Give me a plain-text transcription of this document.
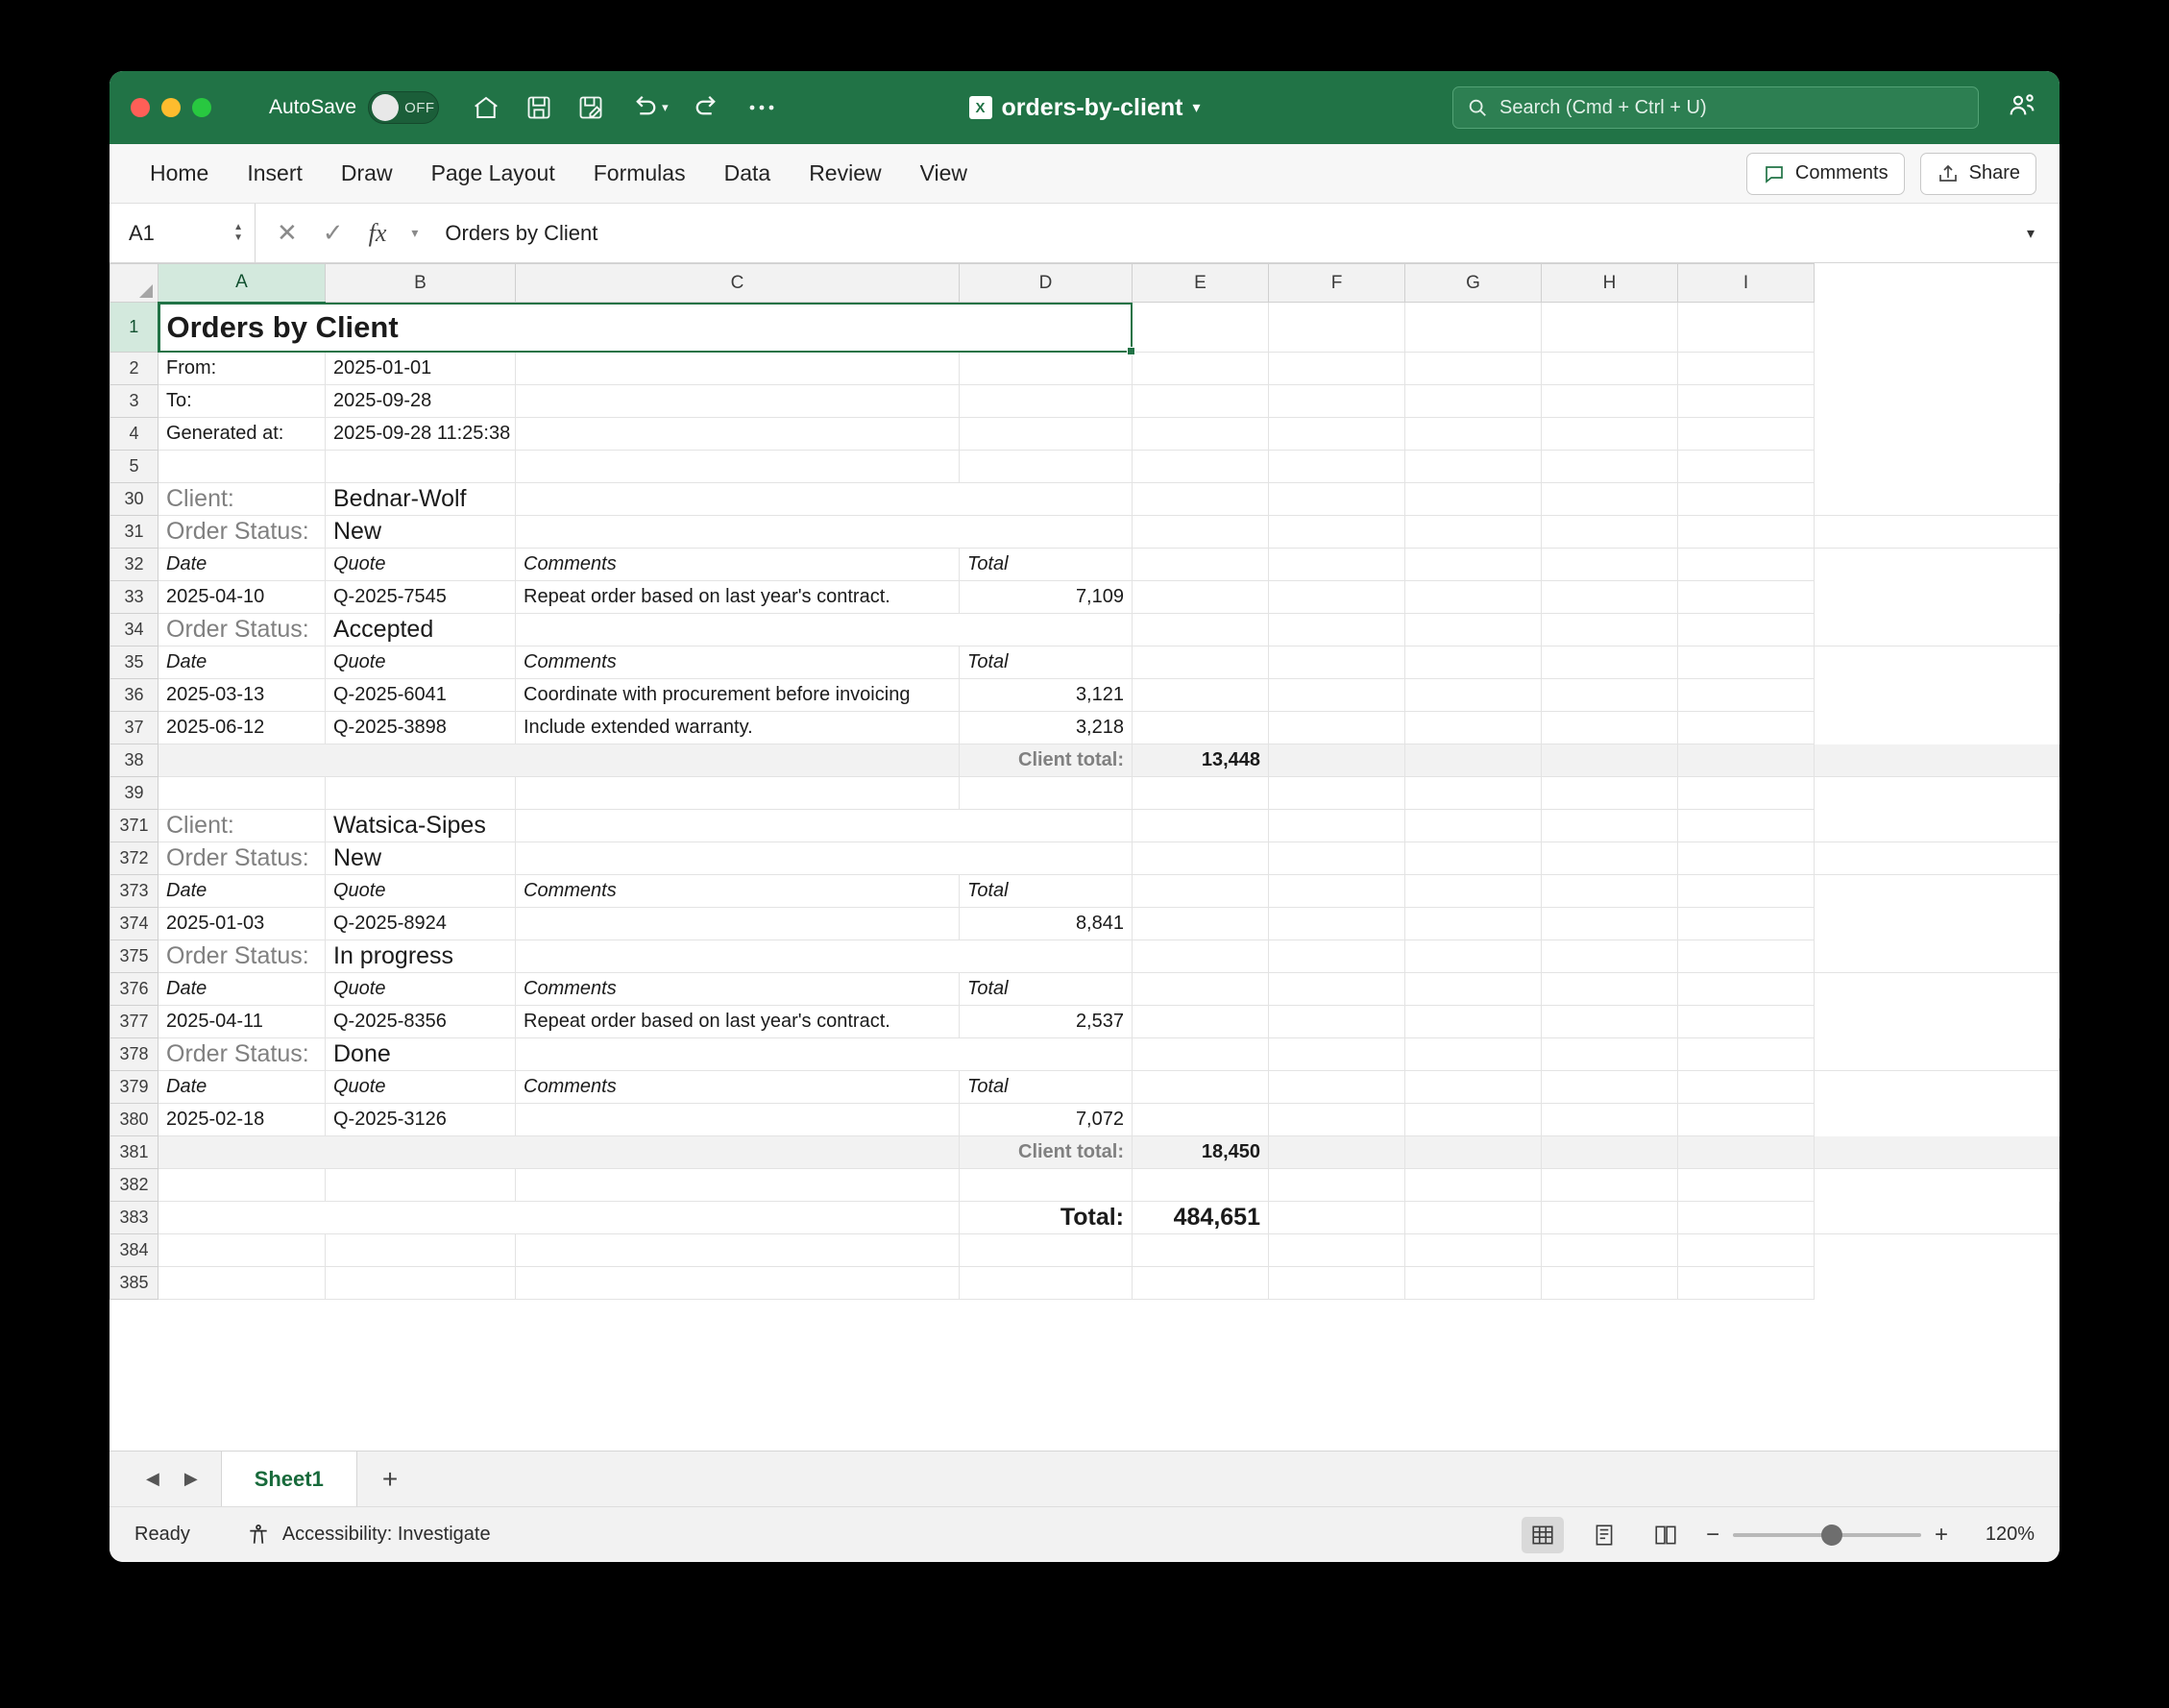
AutoSave	OFF	▾	X orders-by-client ▾	Search (Cmd + Ctrl + U)
Home	Insert	Draw	Page Layout	Formulas	Data	Review	View	Comments	Share
A1	▲
▼ ✕ ✓ fx ▾ Orders by Client	▾
	A	B	C	D	E	F	G	H	I	
1	Orders by Client									
2	From:	2025-01-01								
3	To:	2025-09-28								
4	Generated at:	2025-09-28 11:25:38								
5										
30	Client:	Bednar-Wolf								
31	Order Status:	New								
32	Date	Quote	Comments	Total						
33	2025-04-10	Q-2025-7545	Repeat order based on last year's contract.	7,109						
34	Order Status:	Accepted								
35	Date	Quote	Comments	Total						
36	2025-03-13	Q-2025-6041	Coordinate with procurement before invoicing	3,121						
37	2025-06-12	Q-2025-3898	Include extended warranty.	3,218						
38				Client total:	13,448					
39										
371	Client:	Watsica-Sipes								
372	Order Status:	New								
373	Date	Quote	Comments	Total						
374	2025-01-03	Q-2025-8924		8,841						
375	Order Status:	In progress								
376	Date	Quote	Comments	Total						
377	2025-04-11	Q-2025-8356	Repeat order based on last year's contract.	2,537						
378	Order Status:	Done								
379	Date	Quote	Comments	Total						
380	2025-02-18	Q-2025-3126		7,072						
381				Client total:	18,450					
382										
383				Total:	484,651					
384										
385										
◀ ▶	Sheet1	+
Ready	Accessibility: Investigate	−	+	120%
